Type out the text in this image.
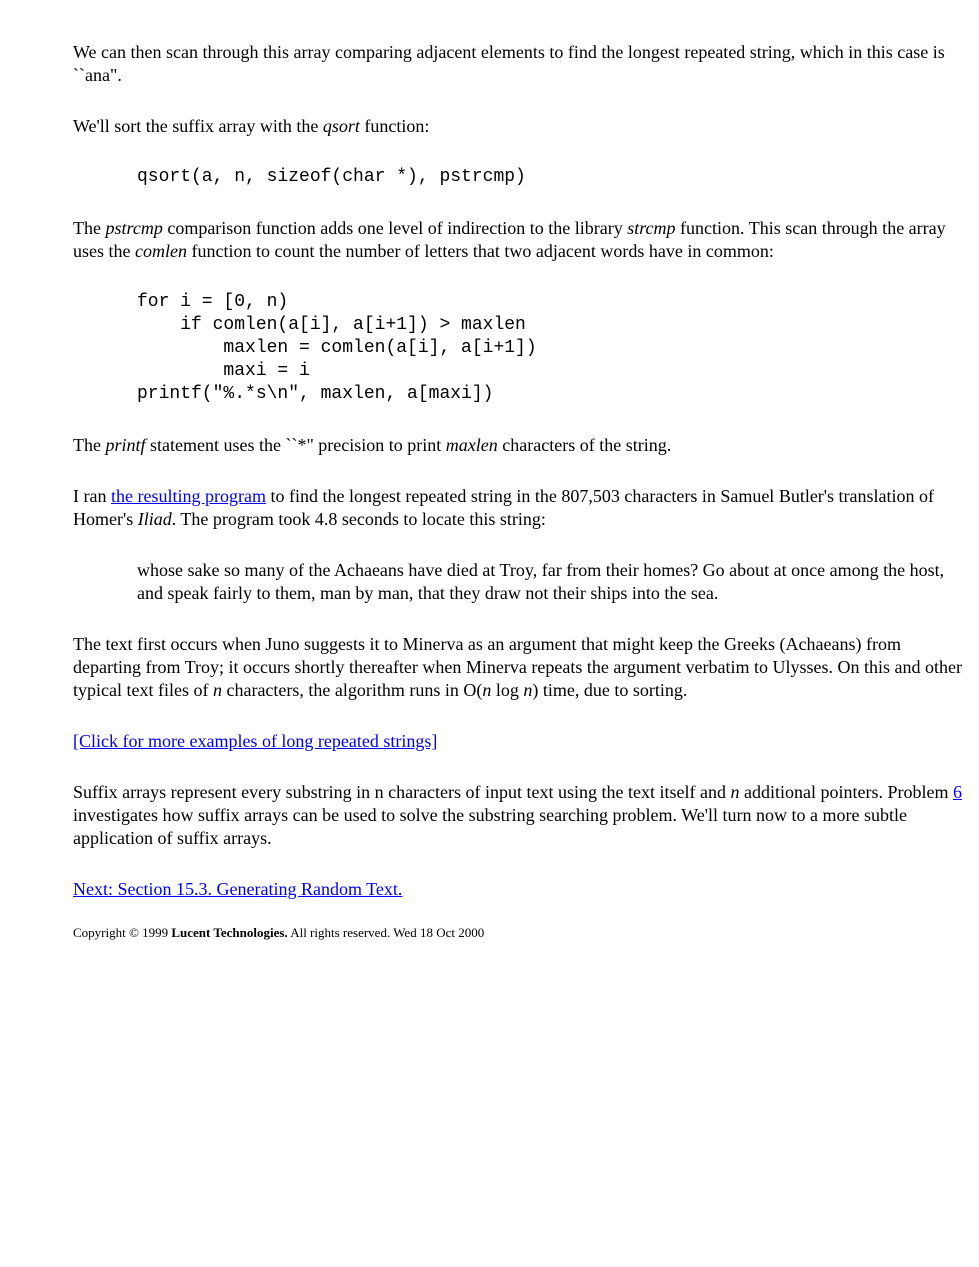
We can then scan through this array comparing adjacent elements to find the longest repeated string, which in this case is ``ana".

We'll sort the suffix array with the qsort function:

qsort(a, n, sizeof(char *), pstrcmp)

The pstrcmp comparison function adds one level of indirection to the library strcmp function. This scan through the array uses the comlen function to count the number of letters that two adjacent words have in common:

for i = [0, n)
if comlen(a[i], a[i+1]) > maxlen
maxlen = comlen(a[i], a[i+1])
maxi = i
printf("%.*s\n", maxlen, a[maxi])

The printf statement uses the ``*" precision to print maxlen characters of the string.

I ran the resulting program to find the longest repeated string in the 807,503 characters in Samuel Butler's translation of Homer's Iliad. The program took 4.8 seconds to locate this string:

whose sake so many of the Achaeans have died at Troy, far from their homes? Go about at once among the host, and speak fairly to them, man by man, that they draw not their ships into the sea.

The text first occurs when Juno suggests it to Minerva as an argument that might keep the Greeks (Achaeans) from departing from Troy; it occurs shortly thereafter when Minerva repeats the argument verbatim to Ulysses. On this and other typical text files of n characters, the algorithm runs in O(n log n) time, due to sorting.

[Click for more examples of long repeated strings]

Suffix arrays represent every substring in n characters of input text using the text itself and n additional pointers. Problem 6 investigates how suffix arrays can be used to solve the substring searching problem. We'll turn now to a more subtle application of suffix arrays.

Next: Section 15.3. Generating Random Text.

Copyright © 1999 Lucent Technologies. All rights reserved. Wed 18 Oct 2000
